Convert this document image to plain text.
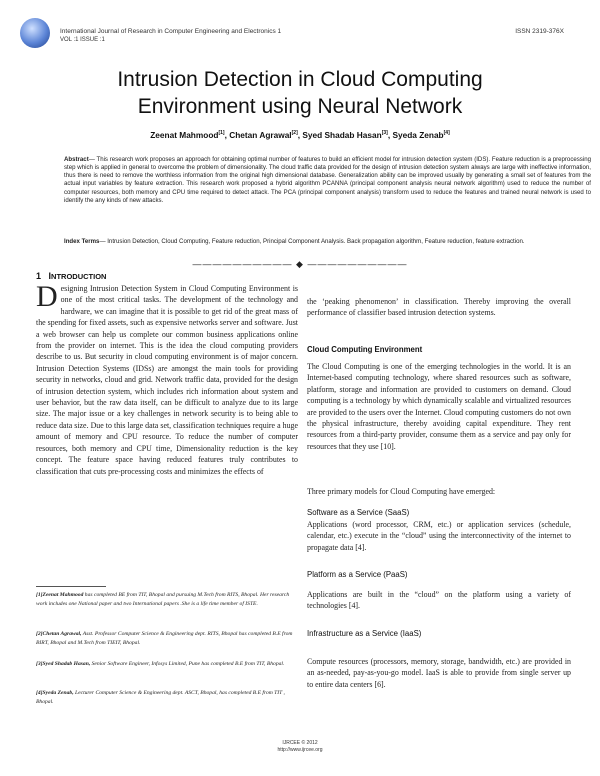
International Journal of Research in Computer Engineering and Electronics 1
VOL :1 ISSUE :1
ISSN 2319-376X
Intrusion Detection in Cloud Computing
Environment using Neural Network
Zeenat Mahmood[1], Chetan Agrawal[2], Syed Shadab Hasan[3], Syeda Zenab[4]
Abstract— This research work proposes an approach for obtaining optimal number of features to build an efficient model for intrusion detection system (IDS). Feature reduction is a preprocessing step which is applied in general to overcome the problem of dimensionality. The cloud traffic data provided for the design of intrusion detection system always are large with ineffective information, thus there is need to remove the worthless information from the original high dimensional database. Generalization ability can be improved usually by generating a small set of features from the actual input variables by feature extraction. This research work proposed a hybrid algorithm PCANNA (principal component analysis neural network algorithm) used to reduce the number of computer resources, both memory and CPU time required to detect attack. The PCA (principal component analysis) transform used to reduce the features and trained neural network is used to identify the any kinds of new attacks.
Index Terms— Intrusion Detection, Cloud Computing, Feature reduction, Principal Component Analysis. Back propagation algorithm, Feature reduction, feature extraction.
—————————— ◆ ——————————
1 INTRODUCTION
Designing Intrusion Detection System in Cloud Computing Environment is one of the most critical tasks. The development of the technology and hardware, we can imagine that it is possible to get rid of the great mass of the spending for fixed assets, such as expensive networks server and software. Just a web browser can help us complete our common business applications online from the provider on internet. This is the idea the cloud computing providers describe to us. But security in cloud computing environment is of major concern. Intrusion Detection Systems (IDSs) are amongst the main tools for providing security in networks, cloud and grid. Network traffic data, provided for the design of intrusion detection system, which includes rich information about system and user behavior, but the raw data itself, can be difficult to analyze due to its large size. The major issue or a key challenges in network security is to being able to reduce data size. Due to this large data set, classification techniques require a huge amount of memory and CPU resource. To reduce the number of computer resources, both memory and CPU time, Dimensionality reduction is the key concept. The feature space having reduced features truly contributes to classification that cuts pre-processing costs and minimizes the effects of
[1]Zeenat Mahmood has completed BE from TIT, Bhopal and pursuing M.Tech from RITS, Bhopal. Her research work includes one National paper and two International papers .She is a life time member of ISTE.
[2]Chetan Agrawal, Asst. Professor Computer Science & Engineering dept. RITS, Bhopal has completed B.E from BIRT, Bhopal and M.Tech from TIEIT, Bhopal.
[3]Syed Shadab Hasan, Senior Software Engineer, Infosys Limited, Pune has completed B.E from TIT, Bhopal.
[4]Syeda Zenab, Lecturer Computer Science & Engineering dept. ASCT, Bhopal, has completed B.E from TIT , Bhopal.
the ‘peaking phenomenon’ in classification. Thereby improving the overall performance of classifier based intrusion detection systems.
Cloud Computing Environment
The Cloud Computing is one of the emerging technologies in the world. It is an Internet-based computing technology, where shared resources such as software, platform, storage and information are provided to customers on demand. Cloud computing is a technology by which dynamically scalable and virtualized resources are provided to the users over the Internet. Cloud computing customers do not own the physical infrastructure, thereby avoiding capital expenditure. They rent resources from a third-party provider, consume them as a service and pay only for resources that they use [10].
Three primary models for Cloud Computing have emerged:
Software as a Service (SaaS)
Applications (word processor, CRM, etc.) or application services (schedule, calendar, etc.) execute in the “cloud” using the interconnectivity of the internet to propagate data [4].
Platform as a Service (PaaS)
Applications are built in the “cloud” on the platform using a variety of technologies [4].
Infrastructure as a Service (IaaS)
Compute resources (processors, memory, storage, bandwidth, etc.) are provided in an as-needed, pay-as-you-go model. IaaS is able to provide from single server up to entire data centers [6].
IJRCEE © 2012
http://www.ijrcee.org
